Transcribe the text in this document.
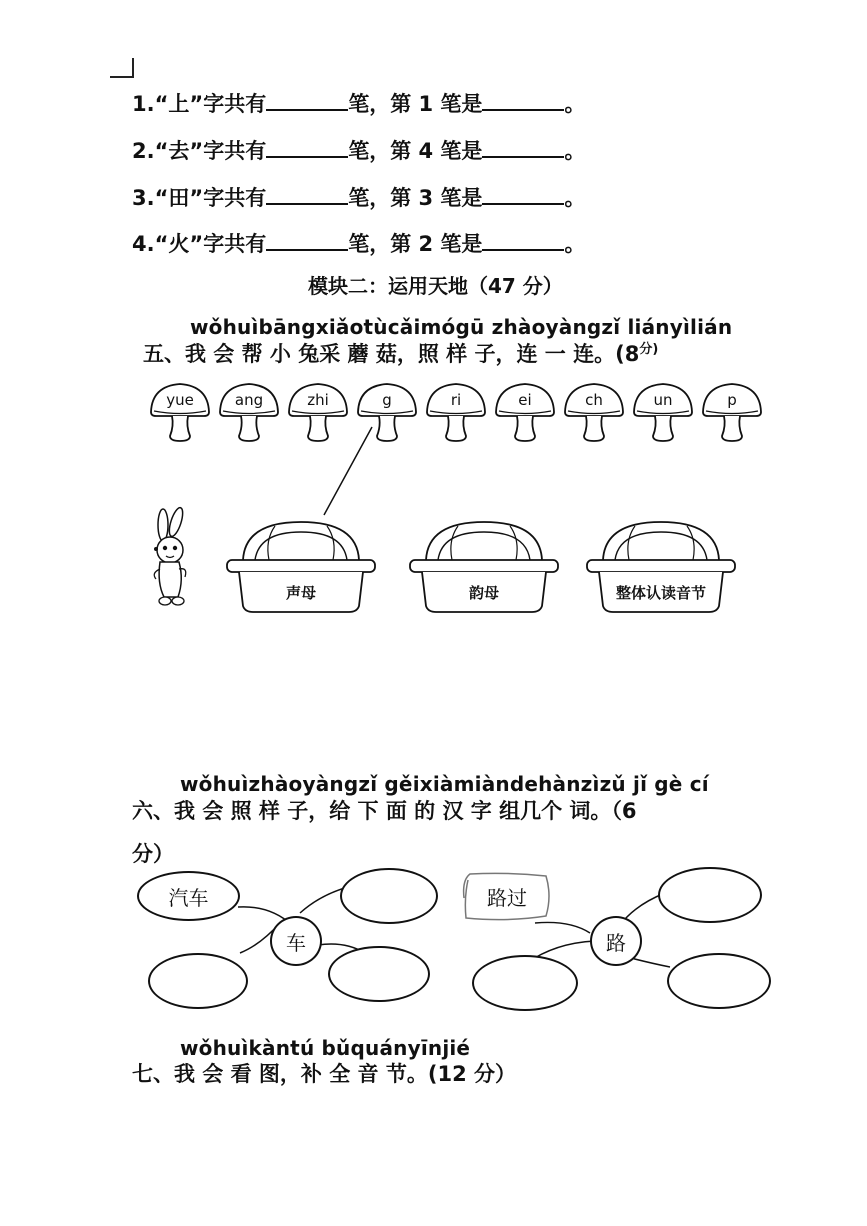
1.“上”字共有	笔，第 1 笔是	。
2.“去”字共有	笔，第 4 笔是	。
3.“田”字共有	笔，第 3 笔是	。
4.“火”字共有	笔，第 2 笔是	。
模块二：运用天地（47 分）
wǒhuìbāngxiǎotùcǎimógū zhàoyàngzǐ liányìlián
五、我 会 帮 小 兔采 蘑 菇，照 样 子，连 一 连。($8^{分)}$
yue	ang	zhi	g	ri	ei	ch	un	p
声母	韵母	整体认读音节
wǒhuìzhàoyàngzǐ gěixiàmiàndehànzìzǔ jǐ gè cí
六、我 会 照 样 子，给 下 面 的 汉 字 组几个 词。（6
分）
汽车
车
路过
路
wǒhuìkàntú bǔquányīnjié
七、我 会 看 图，补 全 音 节。(12 分）
